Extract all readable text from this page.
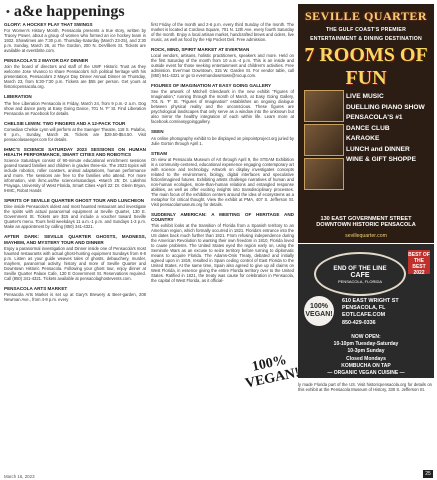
• a&e happenings
GLORY: A HOCKEY PLAY THAT SWINGS

For Women's History Month, Pensacola presents a true story, written by Tracey Power, about a group of women who formed an ice hockey team in 1932. Showtimes are 7:30 p.m. Thursday-Saturday (March 23-25), and 2:30 p.m. Sunday, March 26, at The Gordon, 200 N. DeVilliers St. Tickets are available at eventbrite.com.

PENSACOLA'S 2 MAYOR DAY DINNER

Join the board of directors and staff of the UWF Historic Trust as they welcome Jose Vivanco to share Pensacola's rich political heritage with his presentation, Pensacola's 2 Mayor Day Dinner Annual Dinner on Thursday, March 23, from 5:30-7:30 p.m. Tickets are $55 per person. Get yours at historicpensacola.org.

LIBERATION

The free Liberation Pensacola is Friday, March 24, from 9 p.m.-2 a.m. Dog show and dance party at Easy Going Dance, 701 N. 'F' St. Find Liberation Pensacola on Facebook for details.

CHELSIE LEWIN: TWO FINGERS AND A 12-PACK TOUR

Comedian Chelsie Lynn will perform at the Saenger Theatre, 118 S. Palafox, 8 p.m., Sunday, March 26. Tickets are $29.50-$54.50. Visit pensacolasaenger.com for details.

IHMC'S SCIENCE SATURDAY 2023 SESSIONS ON HUMAN HEALTH PERFORMANCE, SMART CITIES AND ROBOTICS

Science Saturdays consist of 90-minute educational enrichment sessions geared toward families and children in grades three-six. The 2023 topics will include robotics, roller coasters, animal adaptations, human performance and more. The sessions are free to the families who attend. For more information, visit ihmc.us/the science/saturdays. •March 25: Dr. Lakshmi Prayaga, University of West Florida, Smart Cities •April 22: Dr. Glenn Bryan, IHMC, Robot Hands

SPIRITS OF SEVILLE QUARTER GHOST TOUR AND LUNCHEON

Dine inside Pensacola's oldest and most haunted restaurant and investigate the spirits with actual paranormal equipment at Seville Quarter, 130 E. Government St. Tickets are $15 and include a voucher toward Seville Quarter's menu. Tours held weekdays 11 a.m.-1 p.m. and Sundays 1-3 p.m. Make an appointment by calling (850) 341-4321.

AFTER DARK: SEVILLE QUARTER GHOSTS, MADNESS, MAYHEM, AND MYSTERY TOUR AND DINNER

Enjoy a paranormal investigation and Dinner inside one of Pensacola's most haunted restaurants with actual ghost-hunting equipment Sundays from 6-8 p.m. Listen as your guide weaves tales of ghosts, debauchery, murder, mayhem, paranormal activity, history and more of Seville Quarter and Downtown Historic Pensacola. Following your ghost tour, enjoy dinner at Seville Quarter Palace Cafe, 130 E Government St. Reservations required. Call (850) 341-4321. Tickets available at pensacolaghostevents.com.

PENSACOLA ARTS MARKET

Pensacola Arts Market is set up at Gary's Brewery & Beer-garden, 208 Newman Ave., from 4-9 p.m. every

first Friday of the month and 2-6 p.m. every third Sunday of the month. The market is located at Cordova Square, 701 N. 12th Ave. every fourth Saturday of the month. Enjoy a local artisan market, handcrafted brews and ciders, live music, as well as food by the Hip Pocket Deli. Free admission.

ROCK, MIND, SPIRIT MARKET AT EVER'MAN

Local vendors, artisans, holistic practitioners, speakers and more. Held on the first Saturday of the month from 10 a.m.-4 p.m. This is an inside and outside event for those seeking entertainment and children's activities. Free admission. Ever'man Downtown, 315 W. Garden St. For vendor table, call (850) 941-4321 or go to evermandowntown@rocup.com.

FIGURES OF IMAGINATION AT EASY GOING GALLERY

See the artwork of Mitchell Glendwork in the new exhibit "Figures of Imagination," running through the month of March, at Easy Going Gallery, 701 N. 'F' St. "Figures of Imagination" establishes an ongoing dialogue between physical reality and the unconscious. These figures are psychological landscapes that only serve as a window into the unknown but also mirror the healthy integration of each within life. Learn more at facebook.com/easygoinggallery.

SEEN

An online photography exhibit to be displayed on pinpointproject.org juried by Julie Gorton through April 1.

STEAM

On view at Pensacola Museum of Art through April 9, the STEAM Exhibition is a community-centered, educational experience engaging contemporary art with science and technology. Artwork on display investigates concepts related to the environment, biology, digital interfaces and speculative fiction/imagined futures. Exhibiting artists challenge narratives of human and non-human ecologies, more-than-human relations and entangled response abilities, as well as offer exciting insights into transdisciplinary processes. The main focus of the exhibition centers around the idea of ecosystems as a metaphor for critical thought. View the exhibit at PMA, 407 S. Jefferson St. Visit pensacolamuseum.org for details.

SUDDENLY AMERICAN: A MEETING OF HERITAGE AND COUNTRY

This exhibit looks at the transition of Florida from a Spanish territory to an American region, which formally occurred in 1821. Florida's entrance into the US dates back much further than 1821. From refusing independence during the American Revolution to wanting their own freedom in 1810, Florida loved to cause problems. The United States eyed the region early on, using the Seminole Wars as an excuse to seize territory before turning to diplomatic means to acquire Florida. The Adams-Onis Treaty, debated and initially agreed upon in 1819, resulted in Spain ceding control of East Florida to the United States. At the same time, Spain also agreed to give up all claims on West Florida, in essence giving the entire Florida territory over to the United States. Ratified in 1821, the treaty was cause for celebration in Pensacola, the capital of West Florida, as it official-

ly made Florida part of the US. Visit historicpensacola.org for details on this exhibit at the Pensacola Museum of History, 330 S. Jefferson St.

SEVILLE QUARTER
THE GULF COAST'S PREMIER
ENTERTAINMENT & DINING DESTINATION
7 ROOMS OF FUN
LIVE MUSIC
DUELLING PIANO SHOW
PENSACOLA'S #1
DANCE CLUB
KARAOKE
LUNCH and DINNER
WINE & GIFT SHOPPE
130 EAST GOVERNMENT STREET
DOWNTOWN HISTORIC PENSACOLA
sevillequarter.com
END OF THE LINE
CAFE
PENSACOLA, FLORIDA
BEST OF THE BEST 2022
100% VEGAN!
610 EAST WRIGHT ST
PENSACOLA, FL
EOTLCAFE.COM
850-429-0336
NOW OPEN:
10-10pm Tuesday-Saturday
10-3pm Sunday
Closed Mondays
KOMBUCHA ON TAP
— ORGANIC VEGAN CUISINE —
100% VEGAN!
March 16, 2023	25
